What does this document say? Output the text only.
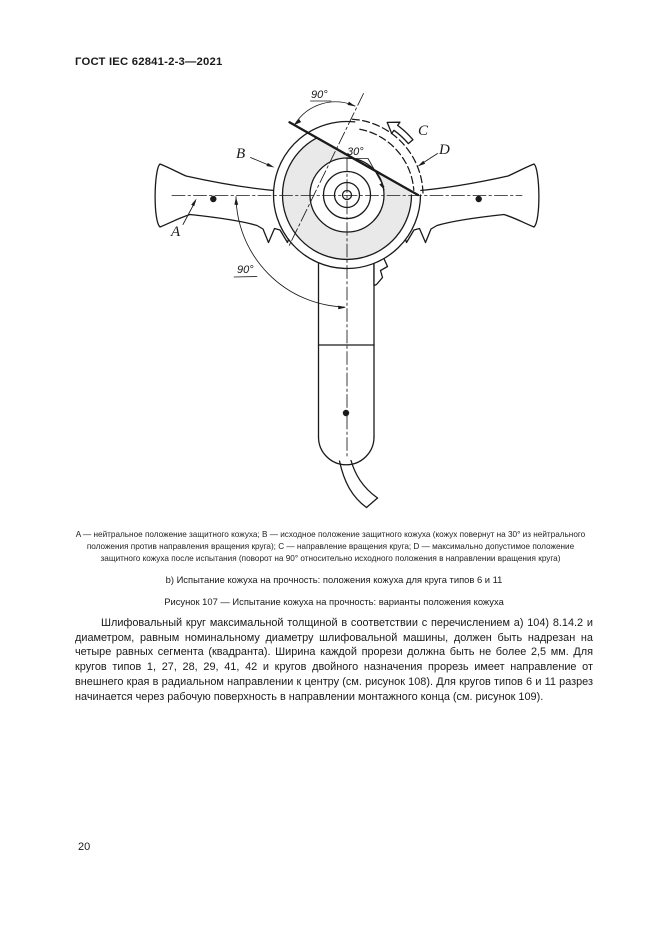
ГОСТ IEC 62841-2-3—2021
A
B
C
D
90°
30°
90°
A — нейтральное положение защитного кожуха; B — исходное положение защитного кожуха (кожух повернут на 30° из нейтрального
положения против направления вращения круга); C — направление вращения круга; D — максимально допустимое положение
защитного кожуха после испытания (поворот на 90° относительно исходного положения в направлении вращения круга)
b) Испытание кожуха на прочность: положения кожуха для круга типов 6 и 11
Рисунок 107 — Испытание кожуха на прочность: варианты положения кожуха
Шлифовальный круг максимальной толщиной в соответствии с перечислением а) 104) 8.14.2 и диаметром, равным номинальному диаметру шлифовальной машины, должен быть надрезан на четыре равных сегмента (квадранта). Ширина каждой прорези должна быть не более 2,5 мм. Для кругов типов 1, 27, 28, 29, 41, 42 и кругов двойного назначения прорезь имеет направление от внешнего края в радиальном направлении к центру (см. рисунок 108). Для кругов типов 6 и 11 разрез начинается через рабочую поверхность в направлении монтажного конца (см. рисунок 109).
20
